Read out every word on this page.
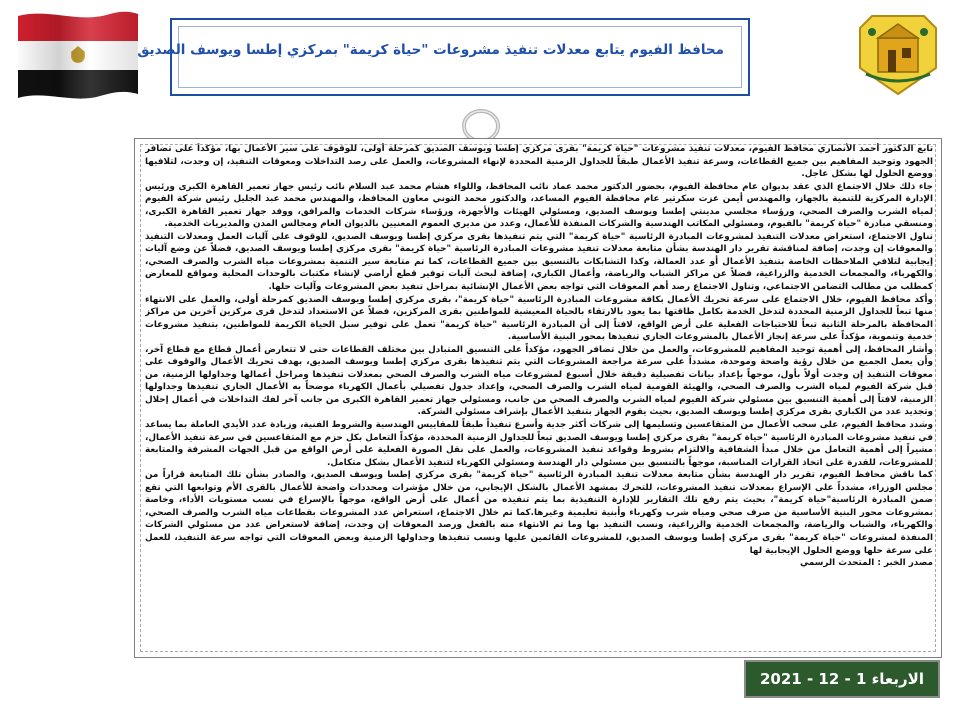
محافظ الفيوم يتابع معدلات تنفيذ مشروعات "حياة كريمة" بمركزي إطسا ويوسف الصديق

تابع الدكتور أحمد الأنصاري محافظ الفيوم، معدلات تنفيذ مشروعات "حياة كريمة" بقرى مركزي إطسا ويوسف الصديق كمرحلة أولى، للوقوف على سير الأعمال بها، مؤكداً على تضافر الجهود وتوحيد المفاهيم بين جميع القطاعات، وسرعة تنفيذ الأعمال طبقاً للجداول الزمنية المحددة لإنهاء المشروعات، والعمل على رصد التداخلات ومعوقات التنفيذ، إن وجدت، لتلافيها ووضع الحلول لها بشكل عاجل.

جاء ذلك خلال الاجتماع الذي عقد بديوان عام محافظة الفيوم، بحضور الدكتور محمد عماد نائب المحافظ، واللواء هشام محمد عبد السلام نائب رئيس جهاز تعمير القاهرة الكبرى ورئيس الإدارة المركزية للتنمية بالجهاز، والمهندس أيمن عزت سكرتير عام محافظة الفيوم المساعد، والدكتور محمد التوني معاون المحافظ، والمهندس محمد عبد الجليل رئيس شركة الفيوم لمياه الشرب والصرف الصحي، ورؤساء مجلسي مدينتي إطسا ويوسف الصديق، ومسئولي الهيئات والأجهزة، ورؤساء شركات الخدمات والمرافق، ووفد جهاز تعمير القاهرة الكبرى، ومنسقي مبادرة "حياة كريمة" بالفيوم، ومسئولي المكاتب الهندسية والشركات المنفذة للأعمال، وعدد من مديري العموم المعنيين بالديوان العام ومجالس المدن والمديريات الخدمية.

تناول الاجتماع، استعراض معدلات التنفيذ لمشروعات المبادرة الرئاسية "حياة كريمة" التي يتم تنفيذها بقرى مركزي إطسا ويوسف الصديق، للوقوف على آليات العمل ومعدلات التنفيذ والمعوقات إن وجدت، إضافة لمناقشة تقرير دار الهندسة بشأن متابعة معدلات تنفيذ مشروعات المبادرة الرئاسية "حياة كريمة" بقرى مركزي إطسا ويوسف الصديق، فضلاً عن وضع آليات إيجابية لتلافي الملاحظات الخاصة بتنفيذ الأعمال أو عدد العمالة، وكذا التشابكات بالتنسيق بين جميع القطاعات، كما تم متابعة سير التنمية بمشروعات مياه الشرب والصرف الصحي، والكهرباء، والمجمعات الخدمية والزراعية، فضلاً عن مراكز الشباب والرياضة، وأعمال الكباري، إضافة لبحث آليات توفير قطع أراضي لإنشاء مكتبات بالوحدات المحلية ومواقع للمعارض كمطلب من مطالب التضامن الاجتماعي، وتناول الاجتماع رصد أهم المعوقات التي تواجه بعض الأعمال الإنشائية بمراحل تنفيذ بعض المشروعات وآليات حلها.

وأكد محافظ الفيوم، خلال الاجتماع على سرعة تحريك الأعمال بكافة مشروعات المبادرة الرئاسية "حياة كريمة"، بقرى مركزي إطسا ويوسف الصديق كمرحلة أولى، والعمل على الانتهاء منها تبعاً للجداول الزمنية المحددة لتدخل الخدمة بكامل طاقتها بما يعود بالارتقاء بالحياة المعيشية للمواطنين بقرى المركزين، فضلاً عن الاستعداد لتدخل قرى مركزين آخرين من مراكز المحافظة بالمرحلة الثانية تبعاً للاحتياجات الفعلية على أرض الواقع، لافتاً إلى أن المبادرة الرئاسية "حياة كريمة" تعمل على توفير سبل الحياة الكريمة للمواطنين، بتنفيذ مشروعات خدمية وتنموية، مؤكداً على سرعة إنجاز الأعمال بالمشروعات الجاري تنفيذها بمحور البنية الأساسية.

وأشار المحافظ، إلى أهمية توحيد المفاهيم للمشروعات، والعمل من خلال تضافر الجهود، مؤكداً على التنسيق المتبادل بين مختلف القطاعات حتى لا تتعارض أعمال قطاع مع قطاع آخر، وأن يعمل الجميع من خلال رؤية واضحة وموحدة، مشدداً على سرعة مراجعة المشروعات التي يتم تنفيذها بقرى مركزي إطسا ويوسف الصديق، بهدف تحريك الأعمال والوقوف على معوقات التنفيذ إن وجدت أولاً بأول، موجهاً بإعداد بيانات تفصيلية دقيقة خلال أسبوع لمشروعات مياه الشرب والصرف الصحي بمعدلات تنفيذها ومراحل أعمالها وجداولها الزمنية، من قبل شركة الفيوم لمياه الشرب والصرف الصحي، والهيئة القومية لمياه الشرب والصرف الصحي، وإعداد جدول تفصيلي بأعمال الكهرباء موضحاً به الأعمال الجاري تنفيذها وجداولها الزمنية، لافتاً إلى أهمية التنسيق بين مسئولي شركة الفيوم لمياه الشرب والصرف الصحي من جانب، ومسئولي جهاز تعمير القاهرة الكبرى من جانب آخر لفك التداخلات في أعمال إحلال وتجديد عدد من الكباري بقرى مركزي إطسا ويوسف الصديق، بحيث يقوم الجهاز بتنفيذ الأعمال بإشراف مسئولي الشركة.

وشدد محافظ الفيوم، على سحب الأعمال من المتقاعسين وتسليمها إلى شركات أكثر جدية وأسرع تنفيذاً طبقاً للمقاييس الهندسية والشروط الفنية، وزيادة عدد الأيدي العاملة بما يساعد في تنفيذ مشروعات المبادرة الرئاسية "حياة كريمة" بقرى مركزي إطسا ويوسف الصديق تبعاً للجداول الزمنية المحددة، مؤكداً التعامل بكل حزم مع المتقاعسين في سرعة تنفيذ الأعمال، مشيراً إلى أهمية التعامل من خلال مبدأ الشفافية والالتزام بشروط وقواعد تنفيذ المشروعات، والعمل على نقل الصورة الفعلية على أرض الواقع من قبل الجهات المشرفة والمتابعة للمشروعات، للقدرة على اتخاذ القرارات المناسبة، موجهاً بالتنسيق بين مسئولي دار الهندسة ومسئولي الكهرباء لتنفيذ الأعمال بشكل متكامل.

كما ناقش محافظ الفيوم، تقرير دار الهندسة بشأن متابعة معدلات تنفيذ المبادرة الرئاسية "حياة كريمة" بقرى مركزي إطسا ويوسف الصديق، والصادر بشأن تلك المتابعة قراراً من مجلس الوزراء، مشدداً على الإسراع بمعدلات تنفيذ المشروعات، للتحرك بمشهد الأعمال بالشكل الإيجابي، من خلال مؤشرات ومحددات واضحة للأعمال بالقرى الأم وتوابعها التي تقع ضمن المبادرة الرئاسية"حياة كريمة"، بحيث يتم رفع تلك التقارير للإدارة التنفيذية بما يتم تنفيذه من أعمال على أرض الواقع، موجهاً بالإسراع في نسب مستويات الأداء، وخاصة بمشروعات محور البنية الأساسية من صرف صحي ومياه شرب وكهرباء وأبنية تعليمية وغيرها.كما تم خلال الاجتماع، استعراض عدد المشروعات بقطاعات مياه الشرب والصرف الصحي، والكهرباء، والشباب والرياضة، والمجمعات الخدمية والزراعية، ونسب التنفيذ بها وما تم الانتهاء منه بالفعل ورصد المعوقات إن وجدت، إضافة لاستعراض عدد من مسئولي الشركات المنفذة لمشروعات "حياة كريمة" بقرى مركزي إطسا ويوسف الصديق، للمشروعات القائمين عليها ونسب تنفيذها وجداولها الزمنية وبعض المعوقات التي تواجه سرعة التنفيذ، للعمل على سرعة حلها ووضع الحلول الإيجابية لها

مصدر الخبر : المتحدث الرسمي

الاربعاء 1 - 12 - 2021
